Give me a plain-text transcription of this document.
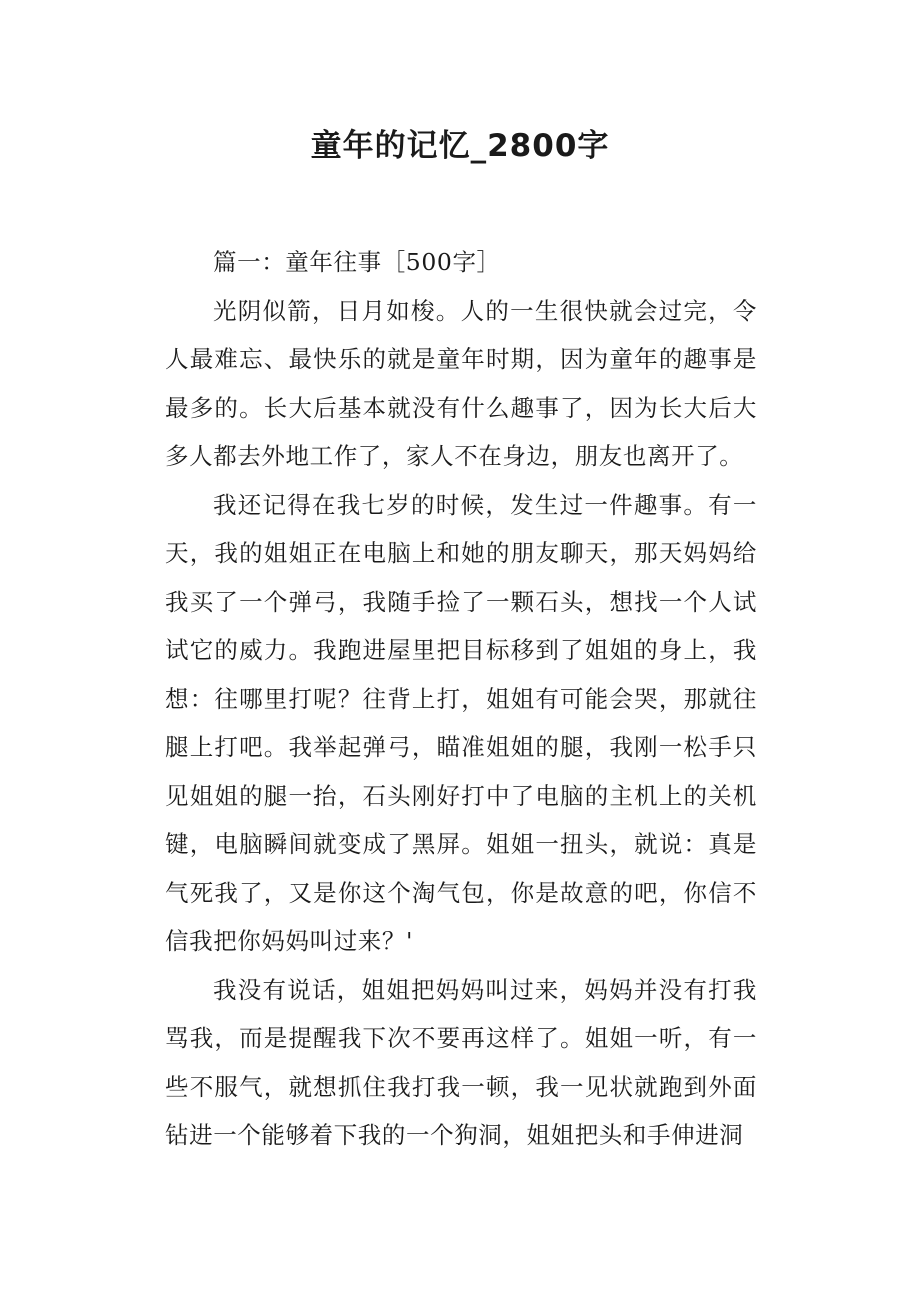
童年的记忆_2800字
篇一：童年往事［500字］

光阴似箭，日月如梭。人的一生很快就会过完，令人最难忘、最快乐的就是童年时期，因为童年的趣事是最多的。长大后基本就没有什么趣事了，因为长大后大多人都去外地工作了，家人不在身边，朋友也离开了。

我还记得在我七岁的时候，发生过一件趣事。有一天，我的姐姐正在电脑上和她的朋友聊天，那天妈妈给我买了一个弹弓，我随手捡了一颗石头，想找一个人试试它的威力。我跑进屋里把目标移到了姐姐的身上，我想：往哪里打呢？往背上打，姐姐有可能会哭，那就往腿上打吧。我举起弹弓，瞄准姐姐的腿，我刚一松手只见姐姐的腿一抬，石头刚好打中了电脑的主机上的关机键，电脑瞬间就变成了黑屏。姐姐一扭头，就说：真是气死我了，又是你这个淘气包，你是故意的吧，你信不信我把你妈妈叫过来？'

我没有说话，姐姐把妈妈叫过来，妈妈并没有打我骂我，而是提醒我下次不要再这样了。姐姐一听，有一些不服气，就想抓住我打我一顿，我一见状就跑到外面钻进一个能够着下我的一个狗洞，姐姐把头和手伸进洞
